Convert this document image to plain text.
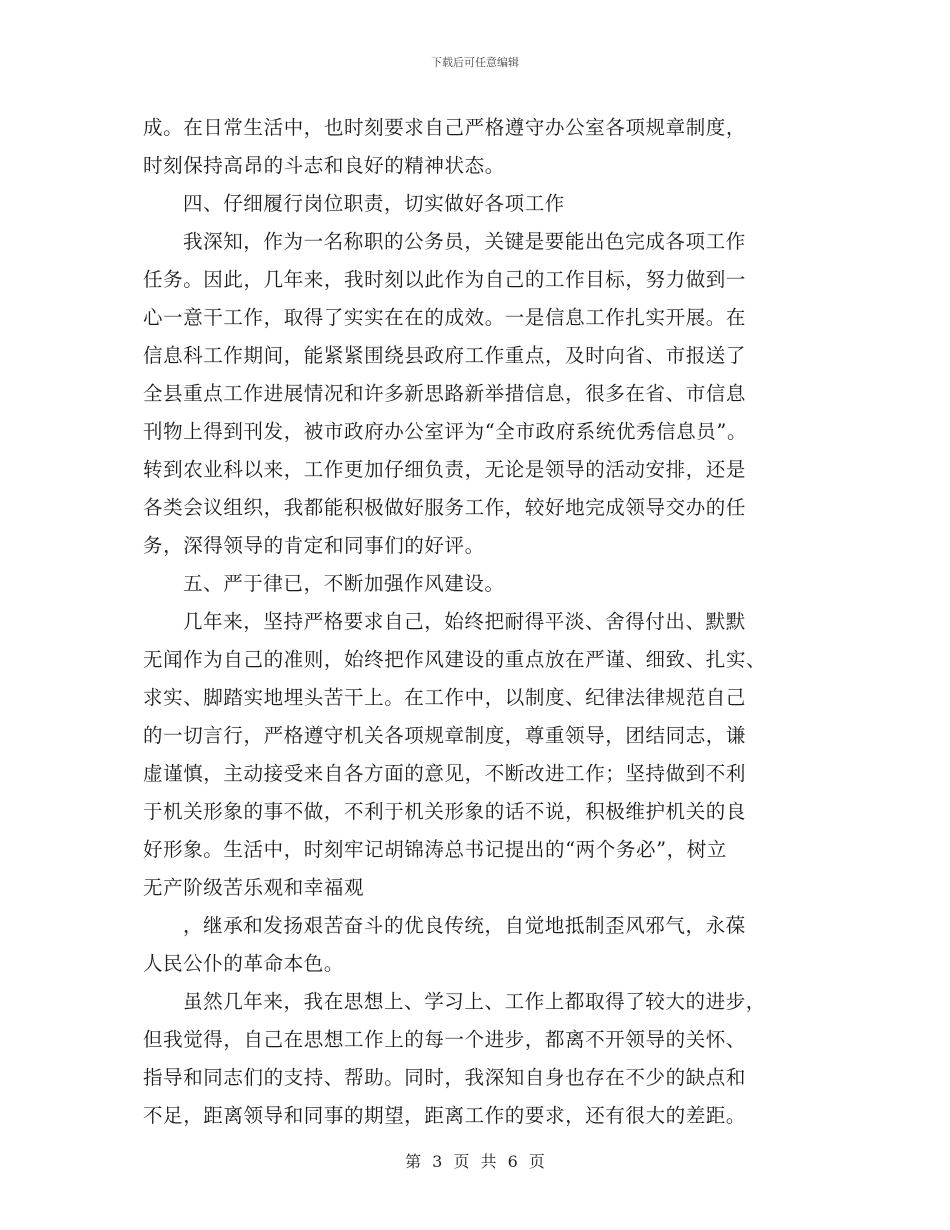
下载后可任意编辑
成。在日常生活中，也时刻要求自己严格遵守办公室各项规章制度，
时刻保持高昂的斗志和良好的精神状态。
四、仔细履行岗位职责，切实做好各项工作
我深知，作为一名称职的公务员，关键是要能出色完成各项工作
任务。因此，几年来，我时刻以此作为自己的工作目标，努力做到一
心一意干工作，取得了实实在在的成效。一是信息工作扎实开展。在
信息科工作期间，能紧紧围绕县政府工作重点，及时向省、市报送了
全县重点工作进展情况和许多新思路新举措信息，很多在省、市信息
刊物上得到刊发，被市政府办公室评为“全市政府系统优秀信息员”。
转到农业科以来，工作更加仔细负责，无论是领导的活动安排，还是
各类会议组织，我都能积极做好服务工作，较好地完成领导交办的任
务，深得领导的肯定和同事们的好评。
五、严于律已，不断加强作风建设。
几年来，坚持严格要求自己，始终把耐得平淡、舍得付出、默默
无闻作为自己的准则，始终把作风建设的重点放在严谨、细致、扎实、
求实、脚踏实地埋头苦干上。在工作中，以制度、纪律法律规范自己
的一切言行，严格遵守机关各项规章制度，尊重领导，团结同志，谦
虚谨慎，主动接受来自各方面的意见，不断改进工作；坚持做到不利
于机关形象的事不做，不利于机关形象的话不说，积极维护机关的良
好形象。生活中，时刻牢记胡锦涛总书记提出的“两个务必”，树立
无产阶级苦乐观和幸福观
，继承和发扬艰苦奋斗的优良传统，自觉地抵制歪风邪气，永葆
人民公仆的革命本色。
虽然几年来，我在思想上、学习上、工作上都取得了较大的进步，
但我觉得，自己在思想工作上的每一个进步，都离不开领导的关怀、
指导和同志们的支持、帮助。同时，我深知自身也存在不少的缺点和
不足，距离领导和同事的期望，距离工作的要求，还有很大的差距。
第 3 页 共 6 页
